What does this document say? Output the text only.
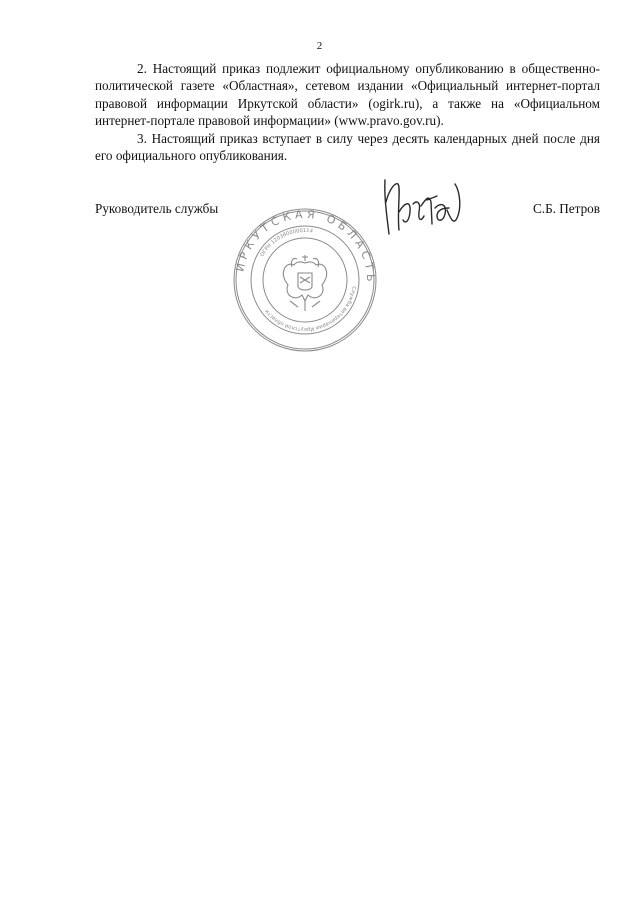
2

2. Настоящий приказ подлежит официальному опубликованию в общественно-политической газете «Областная», сетевом издании «Официальный интернет-портал правовой информации Иркутской области» (ogirk.ru), а также на «Официальном интернет-портале правовой информации» (www.pravo.gov.ru).

3. Настоящий приказ вступает в силу через десять календарных дней после дня его официального опубликования.

Руководитель службы	С.Б. Петров
ИРКУТСКАЯ ОБЛАСТЬ
Служба ветеринарии Иркутской области
ОГРН 1203800000114
